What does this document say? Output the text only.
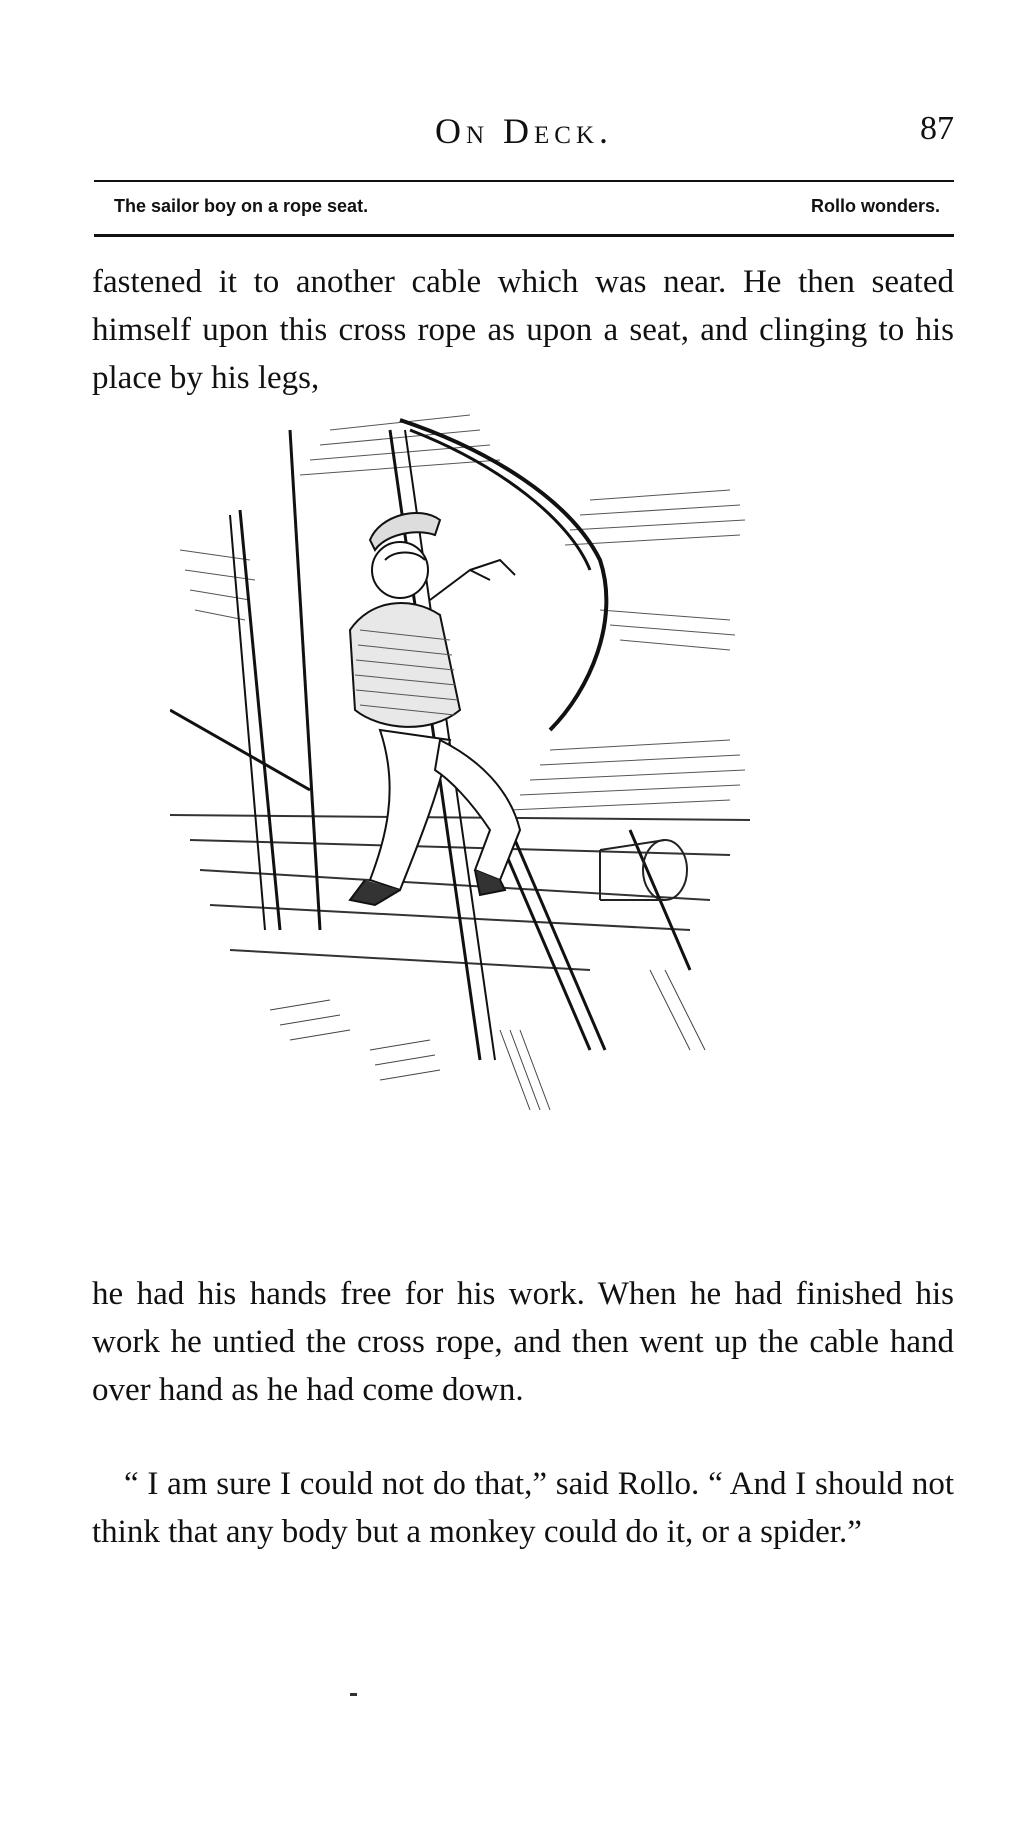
On Deck.	87
The sailor boy on a rope seat.	Rollo wonders.

fastened it to another cable which was near. He then seated himself upon this cross rope as upon a seat, and clinging to his place by his legs,

he had his hands free for his work. When he had finished his work he untied the cross rope, and then went up the cable hand over hand as he had come down.

“ I am sure I could not do that,” said Rollo. “ And I should not think that any body but a monkey could do it, or a spider.”
